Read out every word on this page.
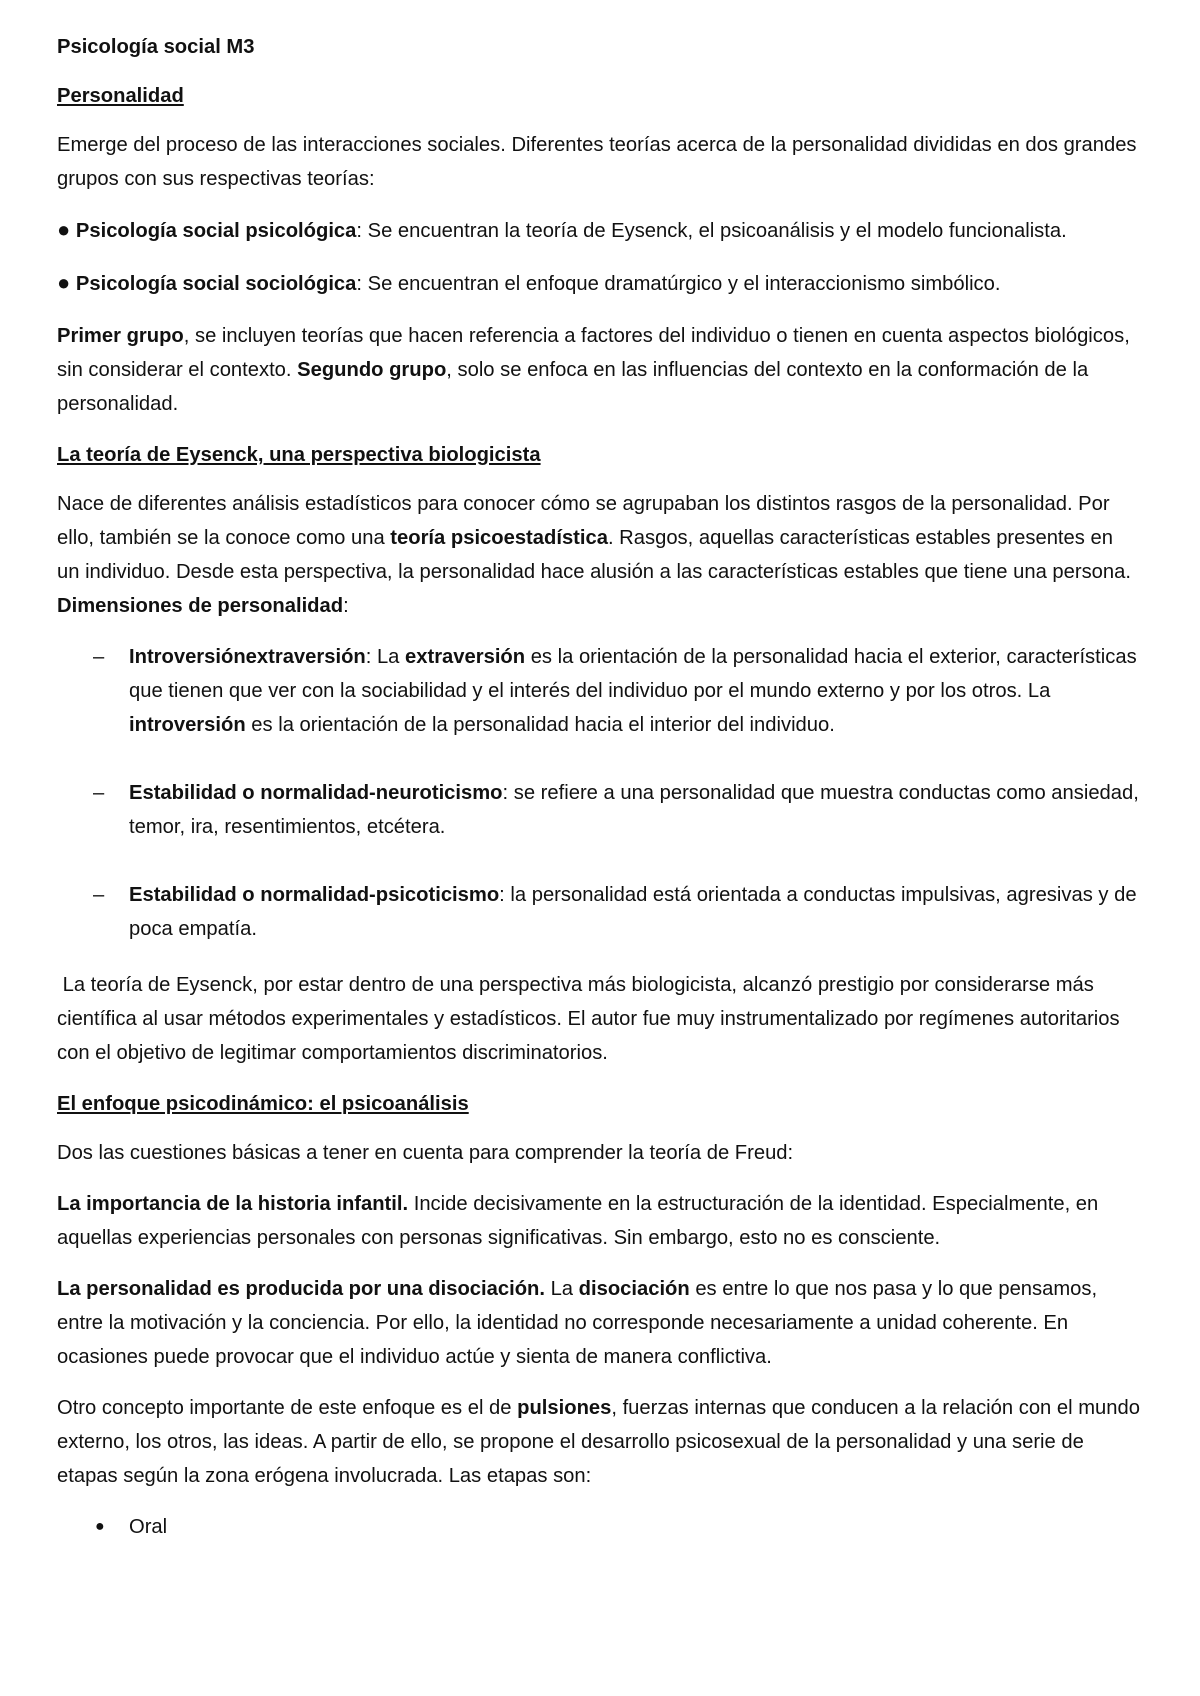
Psicología social M3

Personalidad

Emerge del proceso de las interacciones sociales. Diferentes teorías acerca de la personalidad divididas en dos grandes grupos con sus respectivas teorías:

● Psicología social psicológica: Se encuentran la teoría de Eysenck, el psicoanálisis y el modelo funcionalista.

● Psicología social sociológica: Se encuentran el enfoque dramatúrgico y el interaccionismo simbólico.

Primer grupo, se incluyen teorías que hacen referencia a factores del individuo o tienen en cuenta aspectos biológicos, sin considerar el contexto. Segundo grupo, solo se enfoca en las influencias del contexto en la conformación de la personalidad.

La teoría de Eysenck, una perspectiva biologicista

Nace de diferentes análisis estadísticos para conocer cómo se agrupaban los distintos rasgos de la personalidad. Por ello, también se la conoce como una teoría psicoestadística. Rasgos, aquellas características estables presentes en un individuo. Desde esta perspectiva, la personalidad hace alusión a las características estables que tiene una persona. Dimensiones de personalidad:

– Introversiónextraversión: La extraversión es la orientación de la personalidad hacia el exterior, características que tienen que ver con la sociabilidad y el interés del individuo por el mundo externo y por los otros. La introversión es la orientación de la personalidad hacia el interior del individuo.
– Estabilidad o normalidad-neuroticismo: se refiere a una personalidad que muestra conductas como ansiedad, temor, ira, resentimientos, etcétera.
– Estabilidad o normalidad-psicoticismo: la personalidad está orientada a conductas impulsivas, agresivas y de poca empatía.

La teoría de Eysenck, por estar dentro de una perspectiva más biologicista, alcanzó prestigio por considerarse más científica al usar métodos experimentales y estadísticos. El autor fue muy instrumentalizado por regímenes autoritarios con el objetivo de legitimar comportamientos discriminatorios.

El enfoque psicodinámico: el psicoanálisis

Dos las cuestiones básicas a tener en cuenta para comprender la teoría de Freud:

La importancia de la historia infantil. Incide decisivamente en la estructuración de la identidad. Especialmente, en aquellas experiencias personales con personas significativas. Sin embargo, esto no es consciente.

La personalidad es producida por una disociación. La disociación es entre lo que nos pasa y lo que pensamos, entre la motivación y la conciencia. Por ello, la identidad no corresponde necesariamente a unidad coherente. En ocasiones puede provocar que el individuo actúe y sienta de manera conflictiva.

Otro concepto importante de este enfoque es el de pulsiones, fuerzas internas que conducen a la relación con el mundo externo, los otros, las ideas. A partir de ello, se propone el desarrollo psicosexual de la personalidad y una serie de etapas según la zona erógena involucrada. Las etapas son:

● Oral
